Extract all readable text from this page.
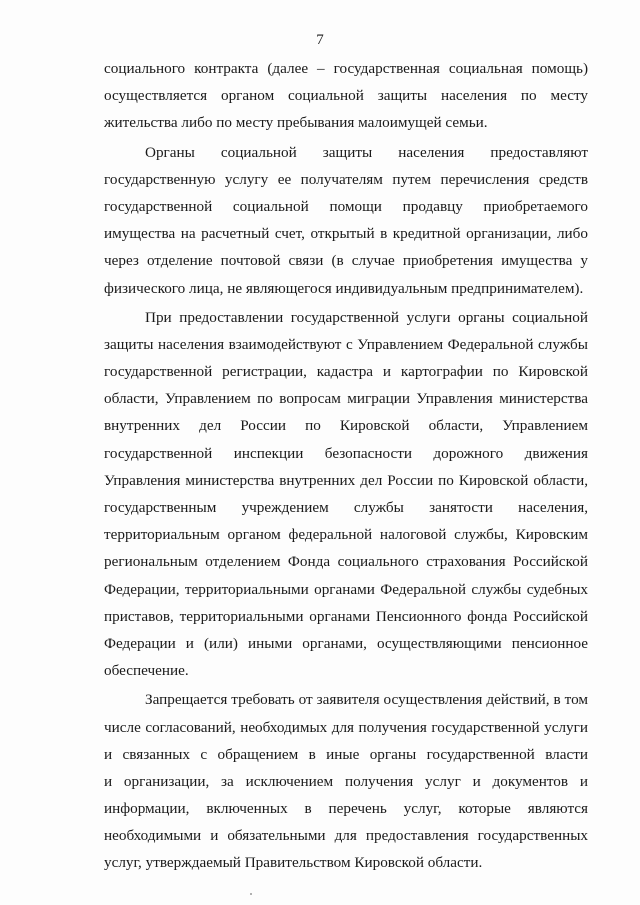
7
социального контракта (далее – государственная социальная помощь)
осуществляется органом социальной защиты населения по месту
жительства либо по месту пребывания малоимущей семьи.
Органы социальной защиты населения предоставляют
государственную услугу ее получателям путем перечисления средств
государственной социальной помощи продавцу приобретаемого
имущества на расчетный счет, открытый в кредитной организации, либо
через отделение почтовой связи (в случае приобретения имущества у
физического лица, не являющегося индивидуальным предпринимателем).
При предоставлении государственной услуги органы социальной
защиты населения взаимодействуют с Управлением Федеральной службы
государственной регистрации, кадастра и картографии по Кировской
области, Управлением по вопросам миграции Управления министерства
внутренних дел России по Кировской области, Управлением
государственной инспекции безопасности дорожного движения
Управления министерства внутренних дел России по Кировской области,
государственным учреждением службы занятости населения,
территориальным органом федеральной налоговой службы, Кировским
региональным отделением Фонда социального страхования Российской
Федерации, территориальными органами Федеральной службы судебных
приставов, территориальными органами Пенсионного фонда Российской
Федерации и (или) иными органами, осуществляющими пенсионное
обеспечение.
Запрещается требовать от заявителя осуществления действий, в том
числе согласований, необходимых для получения государственной услуги
и связанных с обращением в иные органы государственной власти
и организации, за исключением получения услуг и документов и
информации, включенных в перечень услуг, которые являются
необходимыми и обязательными для предоставления государственных
услуг, утверждаемый Правительством Кировской области.
